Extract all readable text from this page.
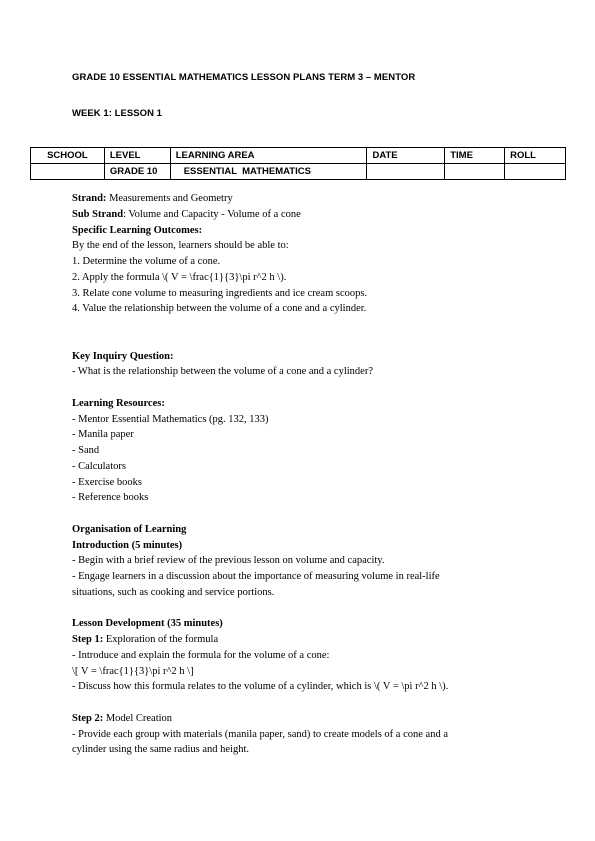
GRADE 10 ESSENTIAL MATHEMATICS LESSON PLANS TERM 3 – MENTOR
WEEK 1: LESSON 1
SCHOOL	LEVEL	LEARNING AREA	DATE	TIME	ROLL
	GRADE 10	ESSENTIAL  MATHEMATICS			

Strand: Measurements and Geometry

Sub Strand: Volume and Capacity - Volume of a cone

Specific Learning Outcomes:

By the end of the lesson, learners should be able to:

1. Determine the volume of a cone.

2. Apply the formula \( V = \frac{1}{3}\pi r^2 h \).

3. Relate cone volume to measuring ingredients and ice cream scoops.

4. Value the relationship between the volume of a cone and a cylinder.

Key Inquiry Question:

- What is the relationship between the volume of a cone and a cylinder?

Learning Resources:

- Mentor Essential Mathematics (pg. 132, 133)

- Manila paper

- Sand

- Calculators

- Exercise books

- Reference books

Organisation of Learning

Introduction (5 minutes)

- Begin with a brief review of the previous lesson on volume and capacity.

- Engage learners in a discussion about the importance of measuring volume in real-life

situations, such as cooking and service portions.

Lesson Development (35 minutes)

Step 1: Exploration of the formula

- Introduce and explain the formula for the volume of a cone:

\[ V = \frac{1}{3}\pi r^2 h \]

- Discuss how this formula relates to the volume of a cylinder, which is \( V = \pi r^2 h \).

Step 2: Model Creation

- Provide each group with materials (manila paper, sand) to create models of a cone and a

cylinder using the same radius and height.
